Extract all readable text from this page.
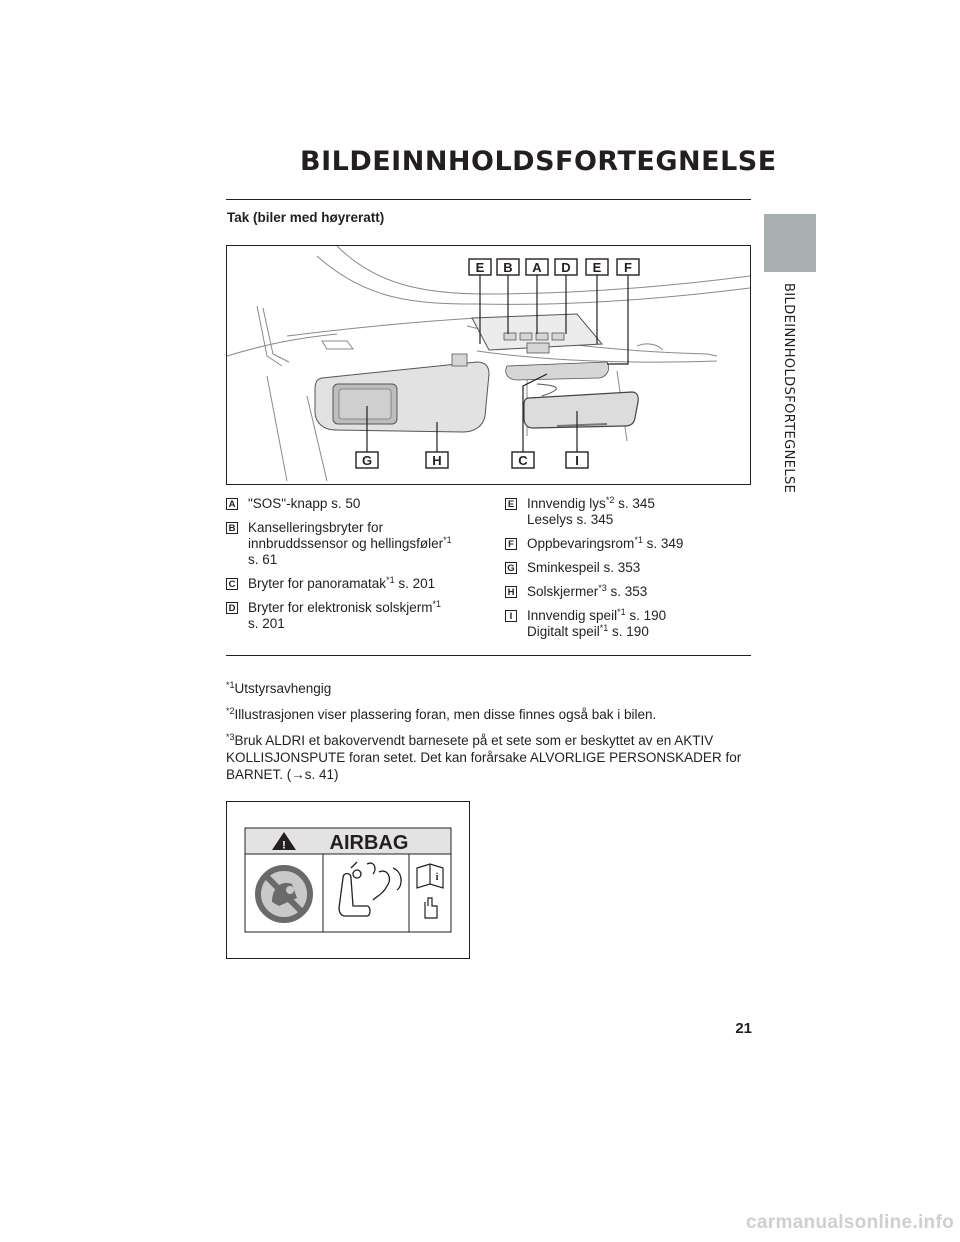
BILDEINNHOLDSFORTEGNELSE
BILDEINNHOLDSFORTEGNELSE
Tak (biler med høyreratt)
E B A D E F
G	H	C	I
A "SOS"-knapp s. 50
B Kanselleringsbryter for
innbruddssensor og hellingsføler$^{*1}$
s. 61
C Bryter for panoramatak$^{*1}$ s. 201
D Bryter for elektronisk solskjerm$^{*1}$
s. 201
E Innvendig lys$^{*2}$ s. 345
Leselys s. 345
F Oppbevaringsrom$^{*1}$ s. 349
G Sminkespeil s. 353
H Solskjermer$^{*3}$ s. 353
I	Innvendig speil$^{*1}$ s. 190
Digitalt speil$^{*1}$ s. 190

$^{*1}$Utstyrsavhengig

$^{*2}$Illustrasjonen viser plassering foran, men disse finnes også bak i bilen.

$^{*3}$Bruk ALDRI et bakovervendt barnesete på et sete som er beskyttet av en AKTIV KOLLISJONSPUTE foran setet. Det kan forårsake ALVORLIGE PERSONSKADER for BARNET. (→s. 41)

! AIRBAG
i
21
carmanualsonline.info
